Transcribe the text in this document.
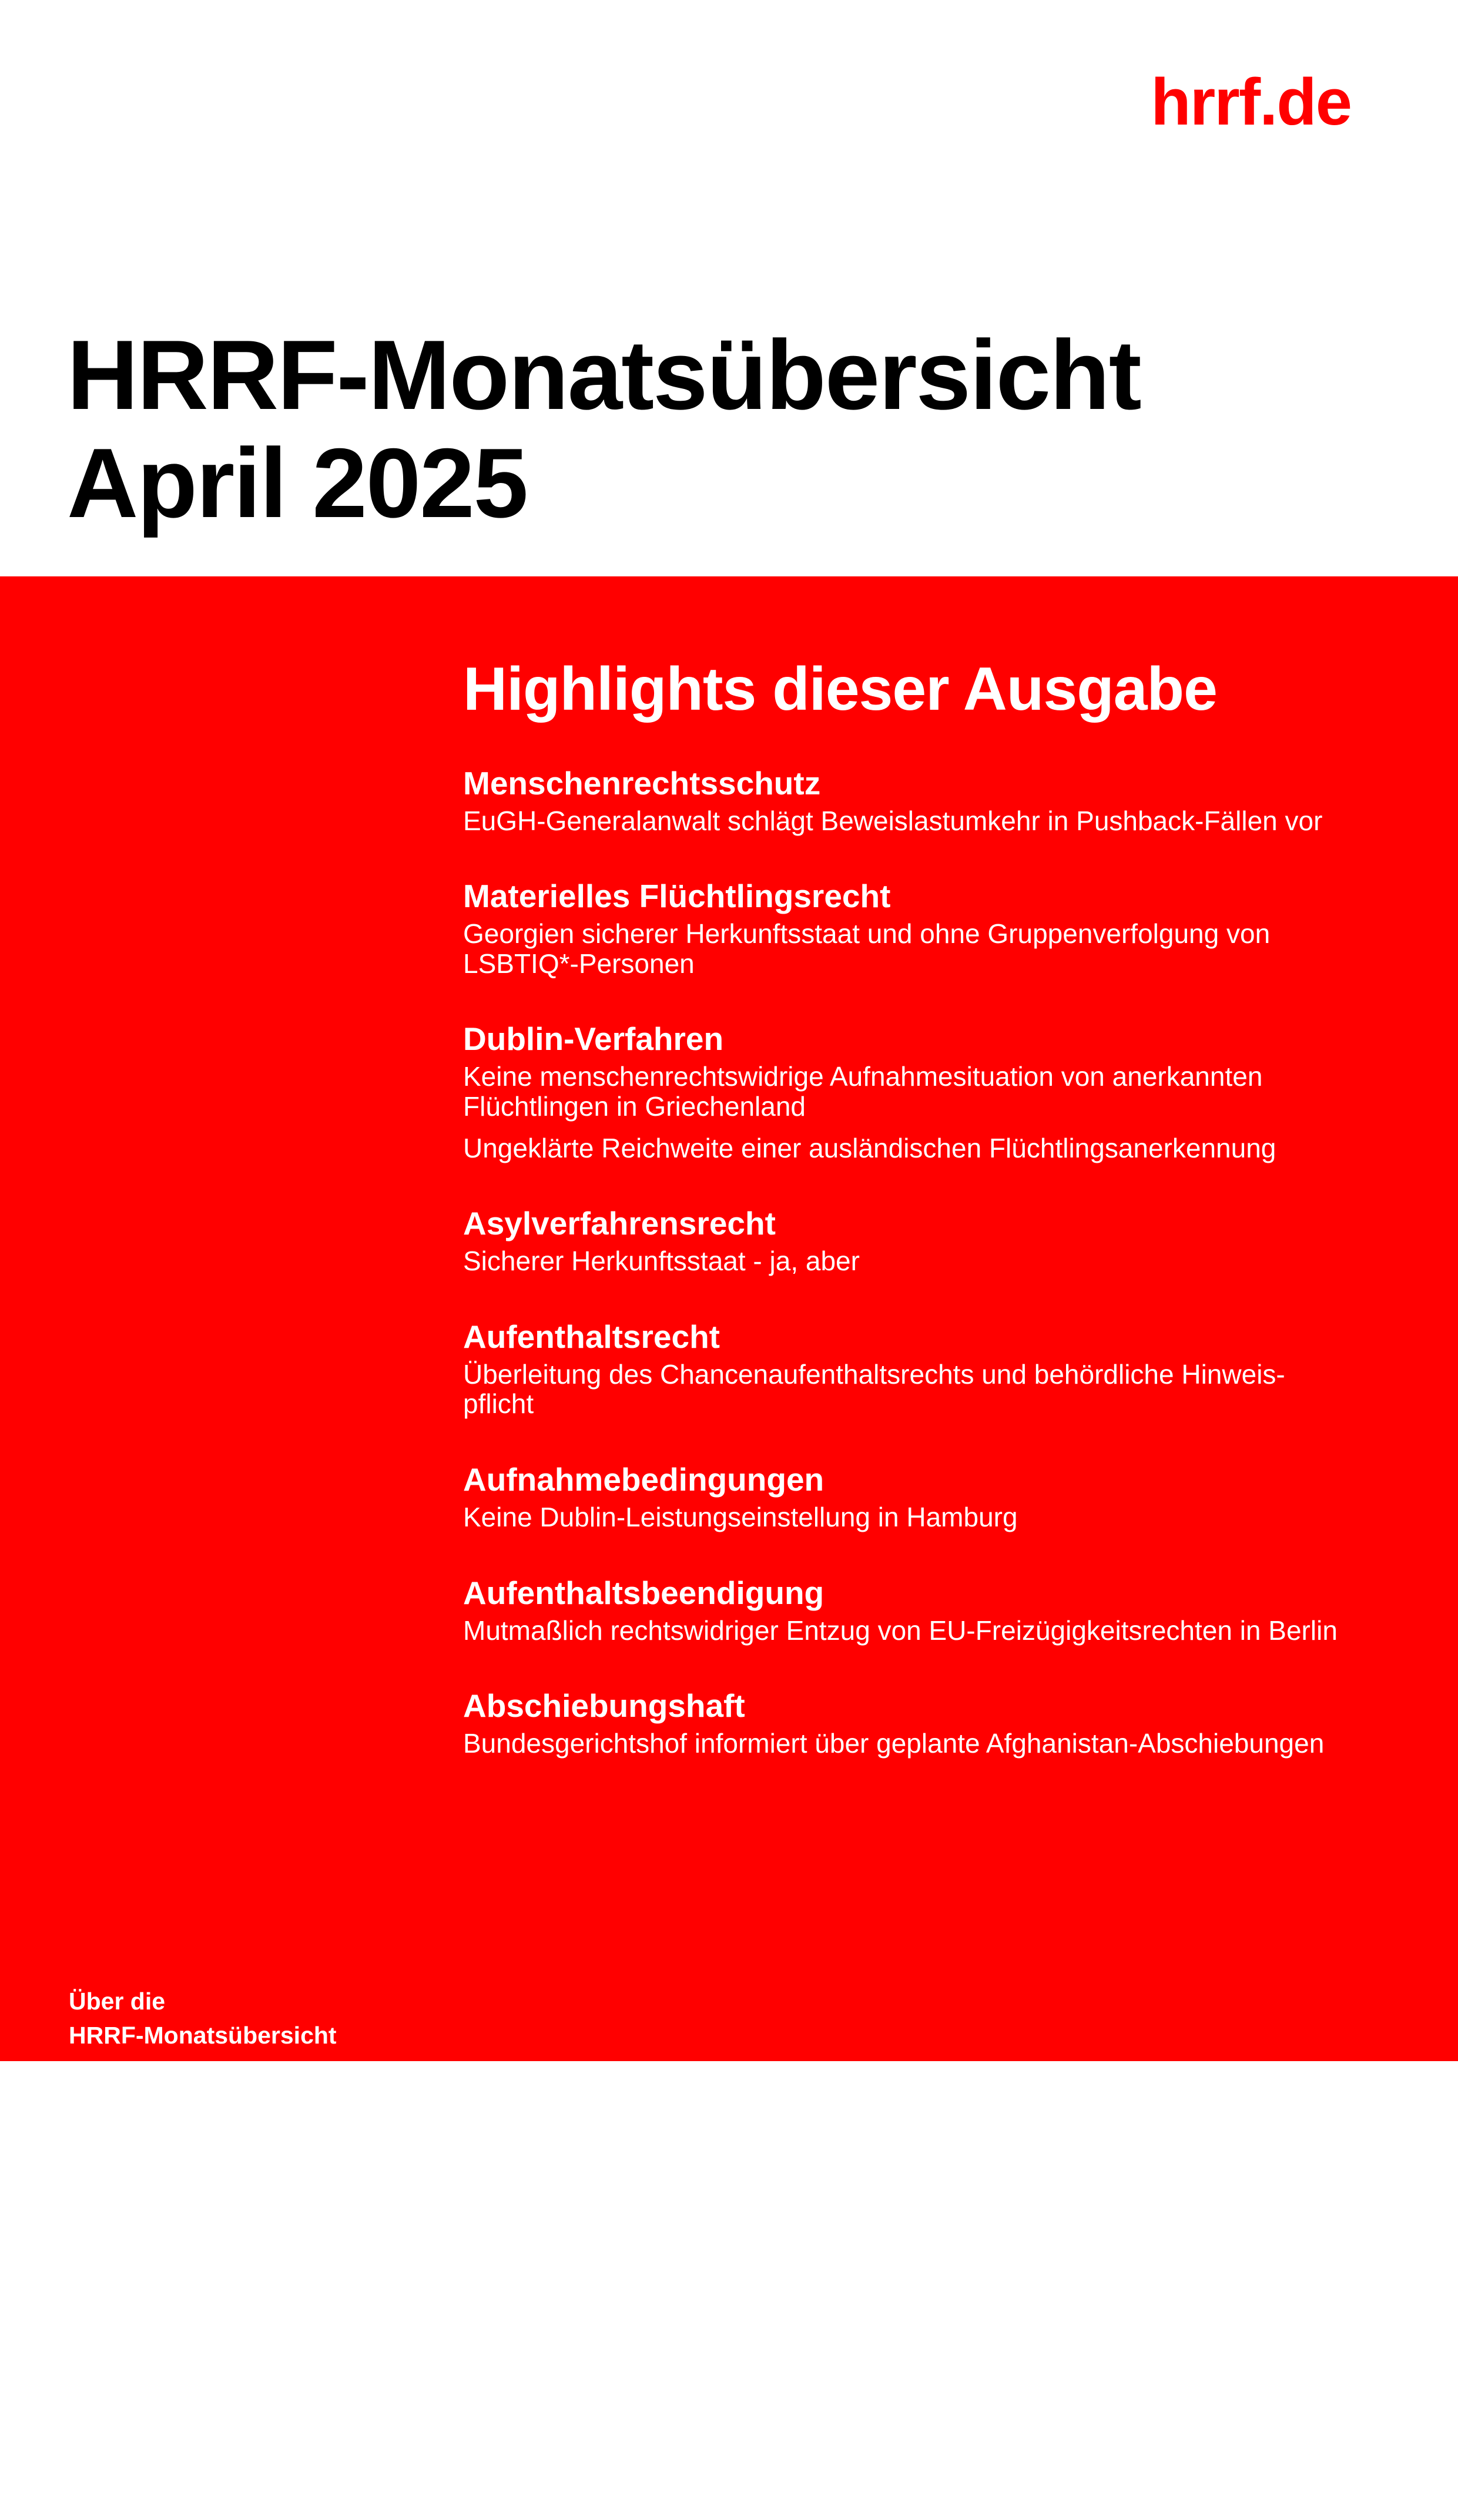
hrrf.de
HRRF-Monatsübersicht
April 2025
Über die
HRRF-Monatsübersicht

Jede HRRF-Monatsübersicht
fasst alle flüchtlingsrechtlichen
Gerichtsentscheidungen zusam-
men, die in den wöchentlichen
HRRF-Newslettern des Monats
vorgestellt wurden. HRRF-Mo-
natsübersichten erscheinen
ausschließlich digital und wer-
den herausgegeben von:

Tim Schröder (verantwortlich)
Langelohstr. 34
22609 Hamburg
Tel. +49 151 64312346
E-Mail: tim@hrrf.de

Die Inhalte der HRRF-Monats-
übersichten stehen unter einer
CC BY-NC-SA-4.0-Lizenz.

ISSN: 2943-2871

Highlights dieser Ausgabe
Menschenrechtsschutz
EuGH-Generalanwalt schlägt Beweislastumkehr in Pushback-Fällen vor
Materielles Flüchtlingsrecht
Georgien sicherer Herkunftsstaat und ohne Gruppenverfolgung von LSBTIQ*-Personen
Dublin-Verfahren
Keine menschenrechtswidrige Aufnahmesituation von anerkannten Flüchtlingen in Griechenland
Ungeklärte Reichweite einer ausländischen Flüchtlingsanerkennung
Asylverfahrensrecht
Sicherer Herkunftsstaat - ja, aber
Aufenthaltsrecht
Überleitung des Chancenaufenthaltsrechts und behördliche Hinweis-
pflicht
Aufnahmebedingungen
Keine Dublin-Leistungseinstellung in Hamburg
Aufenthaltsbeendigung
Mutmaßlich rechtswidriger Entzug von EU-Freizügigkeitsrechten in Berlin
Abschiebungshaft
Bundesgerichtshof informiert über geplante Afghanistan-Abschiebungen
